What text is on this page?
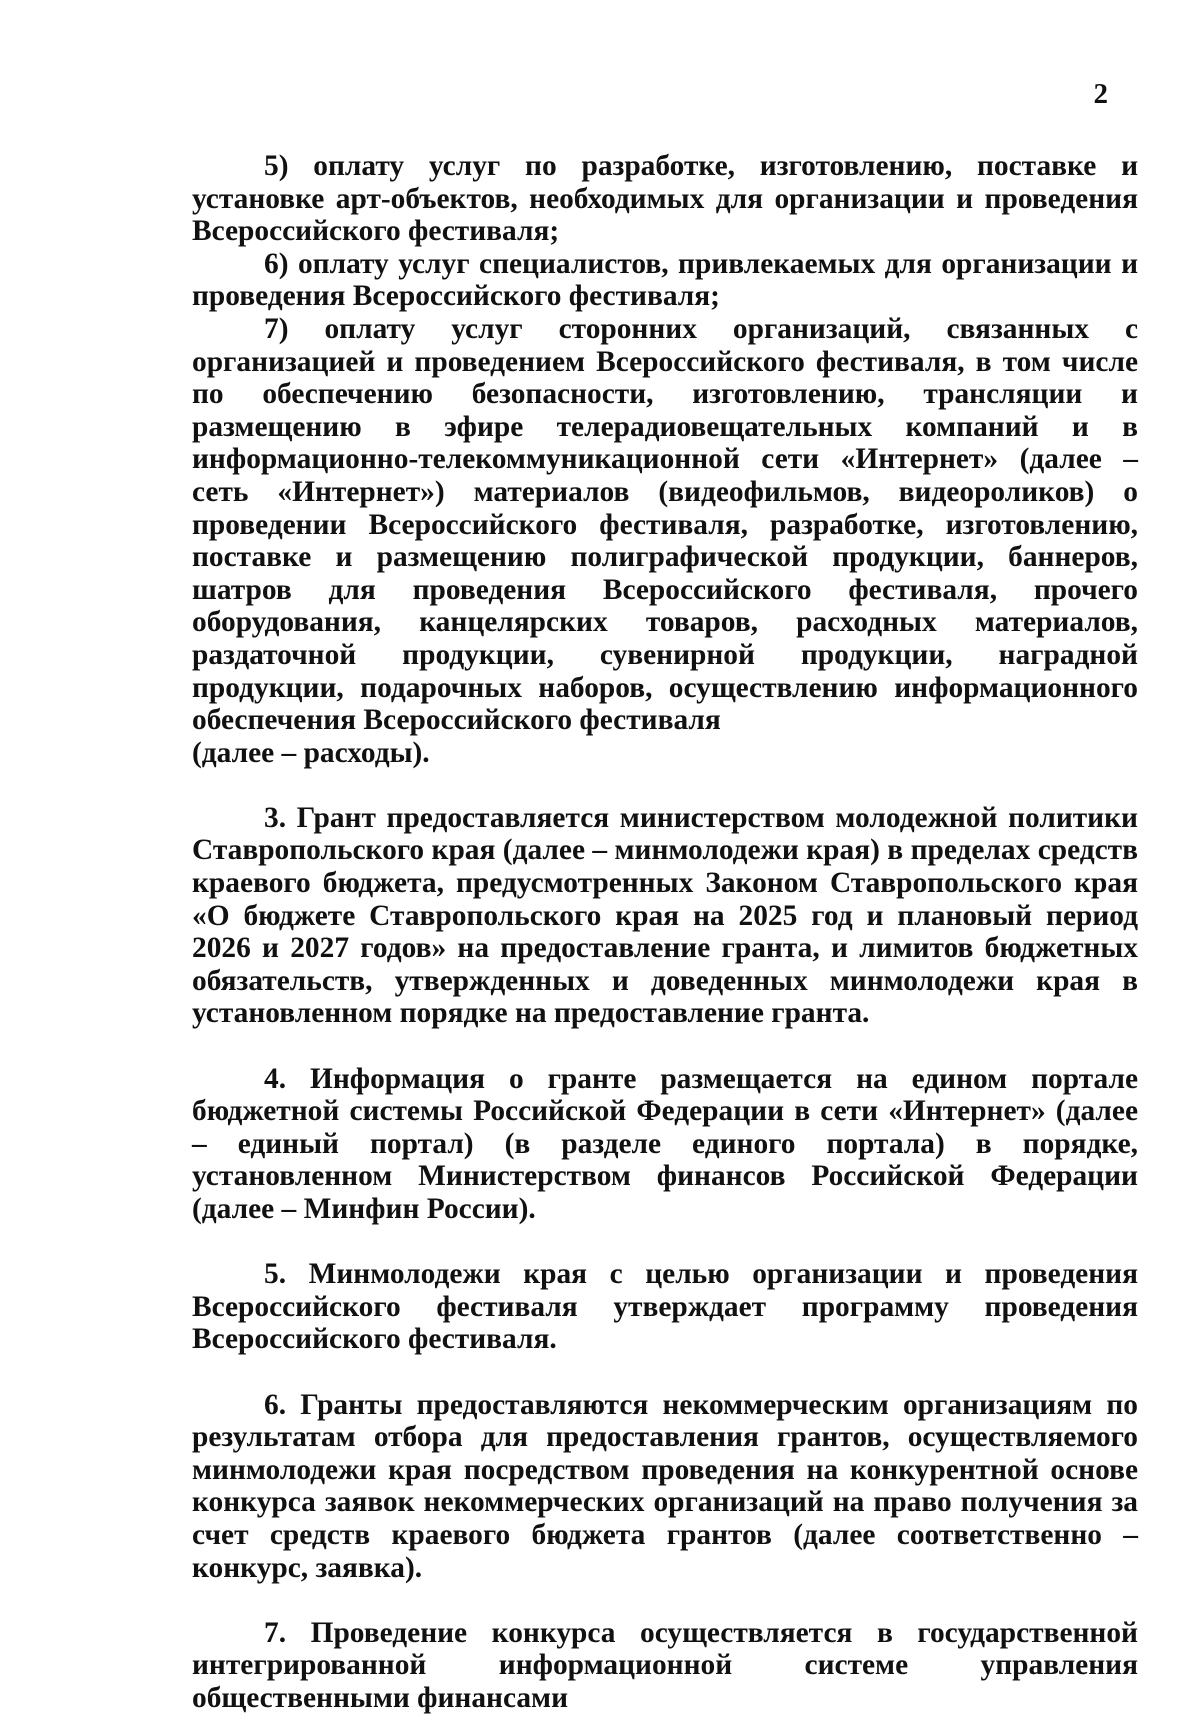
2

5) оплату услуг по разработке, изготовлению, поставке и установке арт-объектов, необходимых для организации и проведения Всероссийского фестиваля;

6) оплату услуг специалистов, привлекаемых для организации и проведения Всероссийского фестиваля;

7) оплату услуг сторонних организаций, связанных с организацией и проведением Всероссийского фестиваля, в том числе по обеспечению безопасности, изготовлению, трансляции и размещению в эфире телерадиовещательных компаний и в информационно-телекоммуникационной сети «Интернет» (далее – сеть «Интернет») материалов (видеофильмов, видеороликов) о проведении Всероссийского фестиваля, разработке, изготовлению, поставке и размещению полиграфической продукции, баннеров, шатров для проведения Всероссийского фестиваля, прочего оборудования, канцелярских товаров, расходных материалов, раздаточной продукции, сувенирной продукции, наградной продукции, подарочных наборов, осуществлению информационного обеспечения Всероссийского фестиваля

(далее – расходы).

3. Грант предоставляется министерством молодежной политики Ставропольского края (далее – минмолодежи края) в пределах средств краевого бюджета, предусмотренных Законом Ставропольского края «О бюджете Ставропольского края на 2025 год и плановый период 2026 и 2027 годов» на предоставление гранта, и лимитов бюджетных обязательств, утвержденных и доведенных минмолодежи края в установленном порядке на предоставление гранта.

4. Информация о гранте размещается на едином портале бюджетной системы Российской Федерации в сети «Интернет» (далее – единый портал) (в разделе единого портала) в порядке, установленном Министерством финансов Российской Федерации (далее – Минфин России).

5. Минмолодежи края с целью организации и проведения Всероссийского фестиваля утверждает программу проведения Всероссийского фестиваля.

6. Гранты предоставляются некоммерческим организациям по результатам отбора для предоставления грантов, осуществляемого минмолодежи края посредством проведения на конкурентной основе конкурса заявок некоммерческих организаций на право получения за счет средств краевого бюджета грантов (далее соответственно – конкурс, заявка).

7. Проведение конкурса осуществляется в государственной интегрированной информационной системе управления общественными финансами
